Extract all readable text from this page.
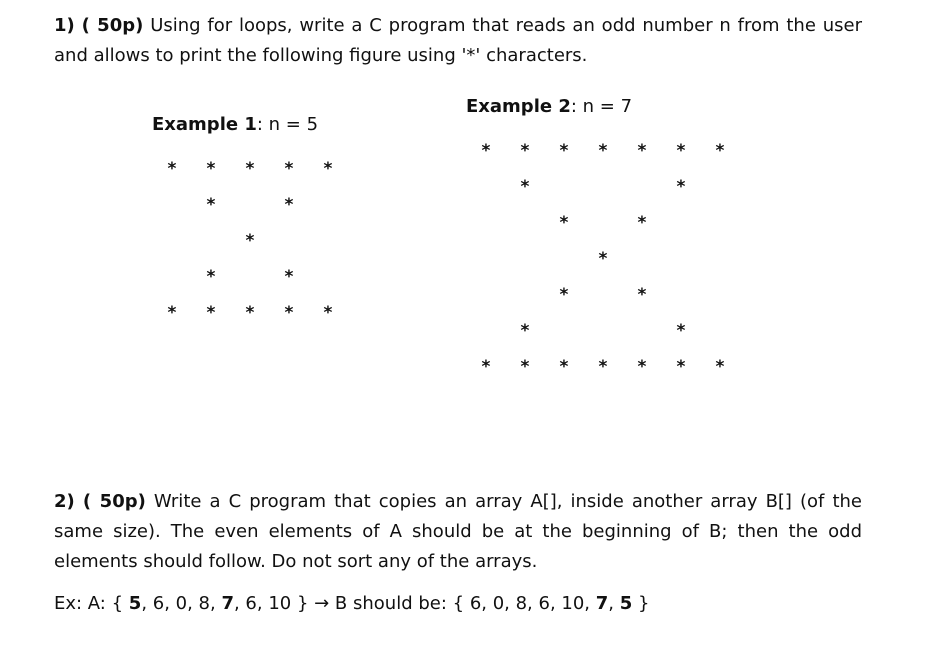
1) ( 50p) Using for loops, write a C program that reads an odd number n from the user and allows to print the following figure using '*' characters.
Example 1: n = 5
*	*	*	*	*
*	*
*
*	*
*	*	*	*	*
Example 2: n = 7
*	*	*	*	*	*	*
*	*
*	*
*
*	*
*	*
*	*	*	*	*	*	*
2) ( 50p) Write a C program that copies an array A[], inside another array B[] (of the same size). The even elements of A should be at the beginning of B; then the odd elements should follow. Do not sort any of the arrays.
Ex: A: { 5, 6, 0, 8, 7, 6, 10 } → B should be: { 6, 0, 8, 6, 10, 7, 5 }
